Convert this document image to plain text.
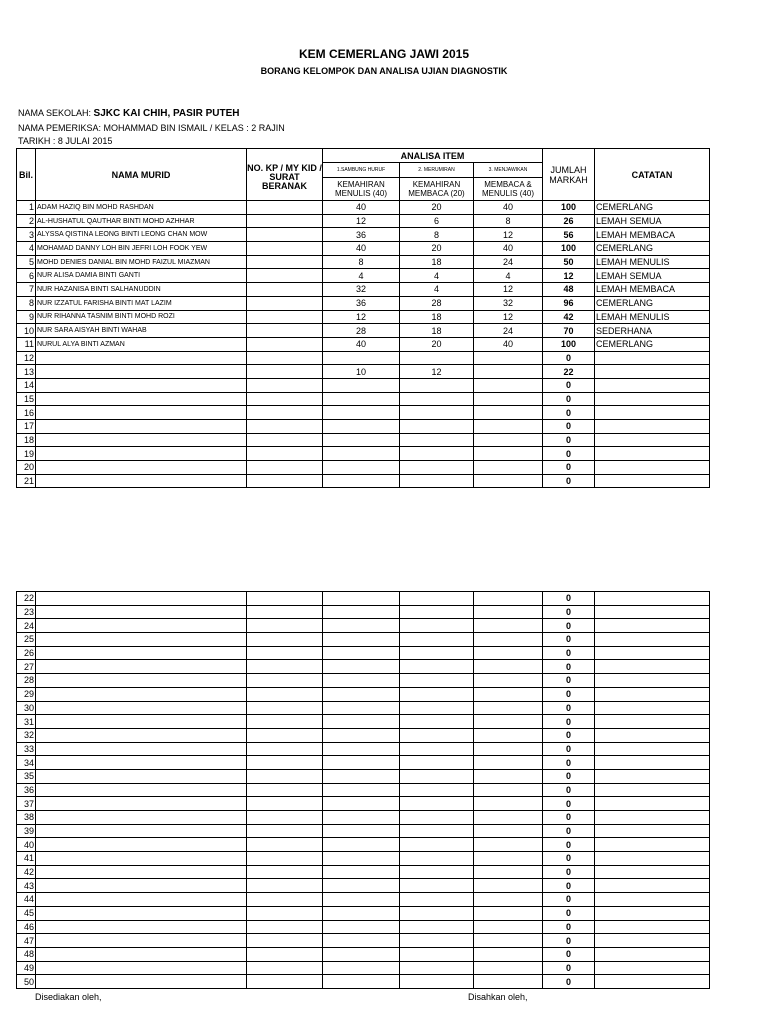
KEM CEMERLANG JAWI 2015
BORANG KELOMPOK DAN ANALISA UJIAN DIAGNOSTIK
NAMA SEKOLAH: SJKC KAI CHIH, PASIR PUTEH
NAMA PEMERIKSA: MOHAMMAD BIN ISMAIL / KELAS : 2 RAJIN
TARIKH : 8 JULAI 2015
Bil.	NAMA MURID	NO. KP / MY KID / SURAT BERANAK	ANALISA ITEM			JUMLAH MARKAH	CATATAN
			1.SAMBUNG HURUF	2. MERUMIRAN	3. MENJAWIKAN		
			KEMAHIRAN MENULIS (40)	KEMAHIRAN MEMBACA (20)	MEMBACA & MENULIS (40)		
1	ADAM HAZIQ BIN MOHD RASHDAN		40	20	40	100	CEMERLANG
2	AL-HUSHATUL QAUTHAR BINTI MOHD AZHHAR		12	6	8	26	LEMAH SEMUA
3	ALYSSA QISTINA LEONG BINTI LEONG CHAN MOW		36	8	12	56	LEMAH MEMBACA
4	MOHAMAD DANNY LOH BIN JEFRI LOH FOOK YEW		40	20	40	100	CEMERLANG
5	MOHD DENIES DANIAL BIN MOHD FAIZUL MIAZMAN		8	18	24	50	LEMAH MENULIS
6	NUR ALISA DAMIA BINTI GANTI		4	4	4	12	LEMAH SEMUA
7	NUR HAZANISA BINTI SALHANUDDIN		32	4	12	48	LEMAH MEMBACA
8	NUR IZZATUL FARISHA BINTI MAT LAZIM		36	28	32	96	CEMERLANG
9	NUR RIHANNA TASNIM BINTI MOHD ROZI		12	18	12	42	LEMAH MENULIS
10	NUR SARA AISYAH BINTI WAHAB		28	18	24	70	SEDERHANA
11	NURUL ALYA BINTI AZMAN		40	20	40	100	CEMERLANG
12						0	
13			10	12		22	
14						0	
15						0	
16						0	
17						0	
18						0	
19						0	
20						0	
21						0	
22						0	
23						0	
24						0	
25						0	
26						0	
27						0	
28						0	
29						0	
30						0	
31						0	
32						0	
33						0	
34						0	
35						0	
36						0	
37						0	
38						0	
39						0	
40						0	
41						0	
42						0	
43						0	
44						0	
45						0	
46						0	
47						0	
48						0	
49						0	
50						0	
Disediakan oleh,	Disahkan oleh,
